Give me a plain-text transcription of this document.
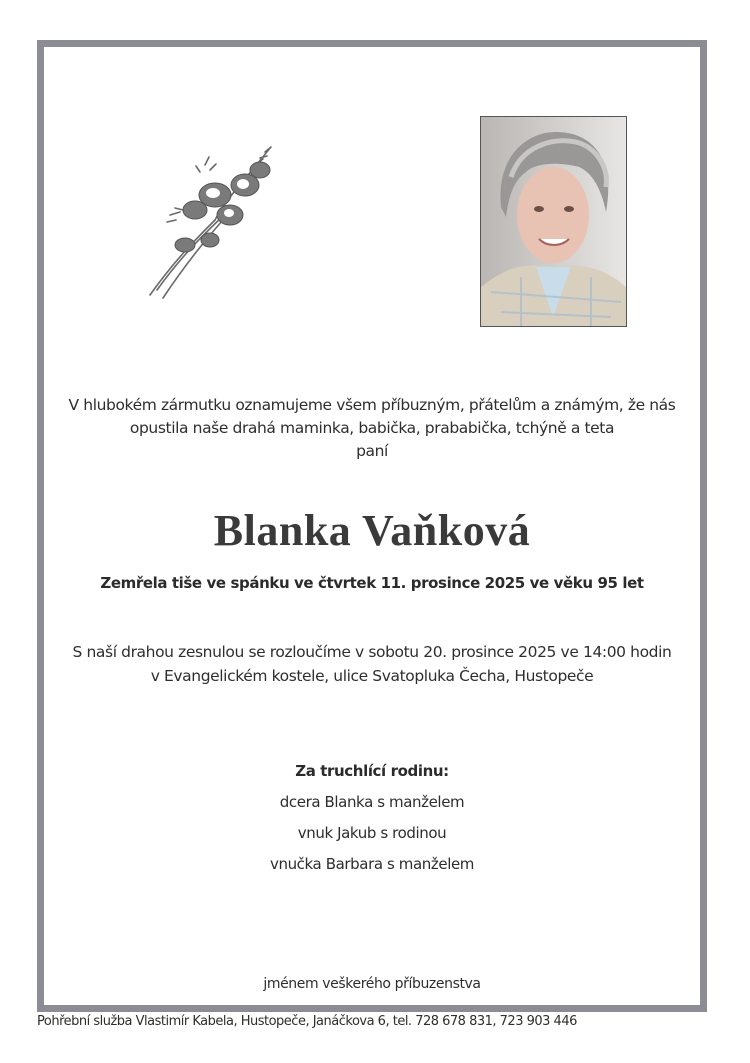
V hlubokém zármutku oznamujeme všem příbuzným, přátelům a známým, že nás
opustila naše drahá maminka, babička, prababička, tchýně a teta
paní
Blanka Vaňková
Zemřela tiše ve spánku ve čtvrtek 11. prosince 2025 ve věku 95 let
S naší drahou zesnulou se rozloučíme v sobotu 20. prosince 2025 ve 14:00 hodin
v Evangelickém kostele, ulice Svatopluka Čecha, Hustopeče
Za truchlící rodinu:
dcera Blanka s manželem
vnuk Jakub s rodinou
vnučka Barbara s manželem
jménem veškerého příbuzenstva
Pohřební služba Vlastimír Kabela, Hustopeče, Janáčkova 6, tel. 728 678 831, 723 903 446
